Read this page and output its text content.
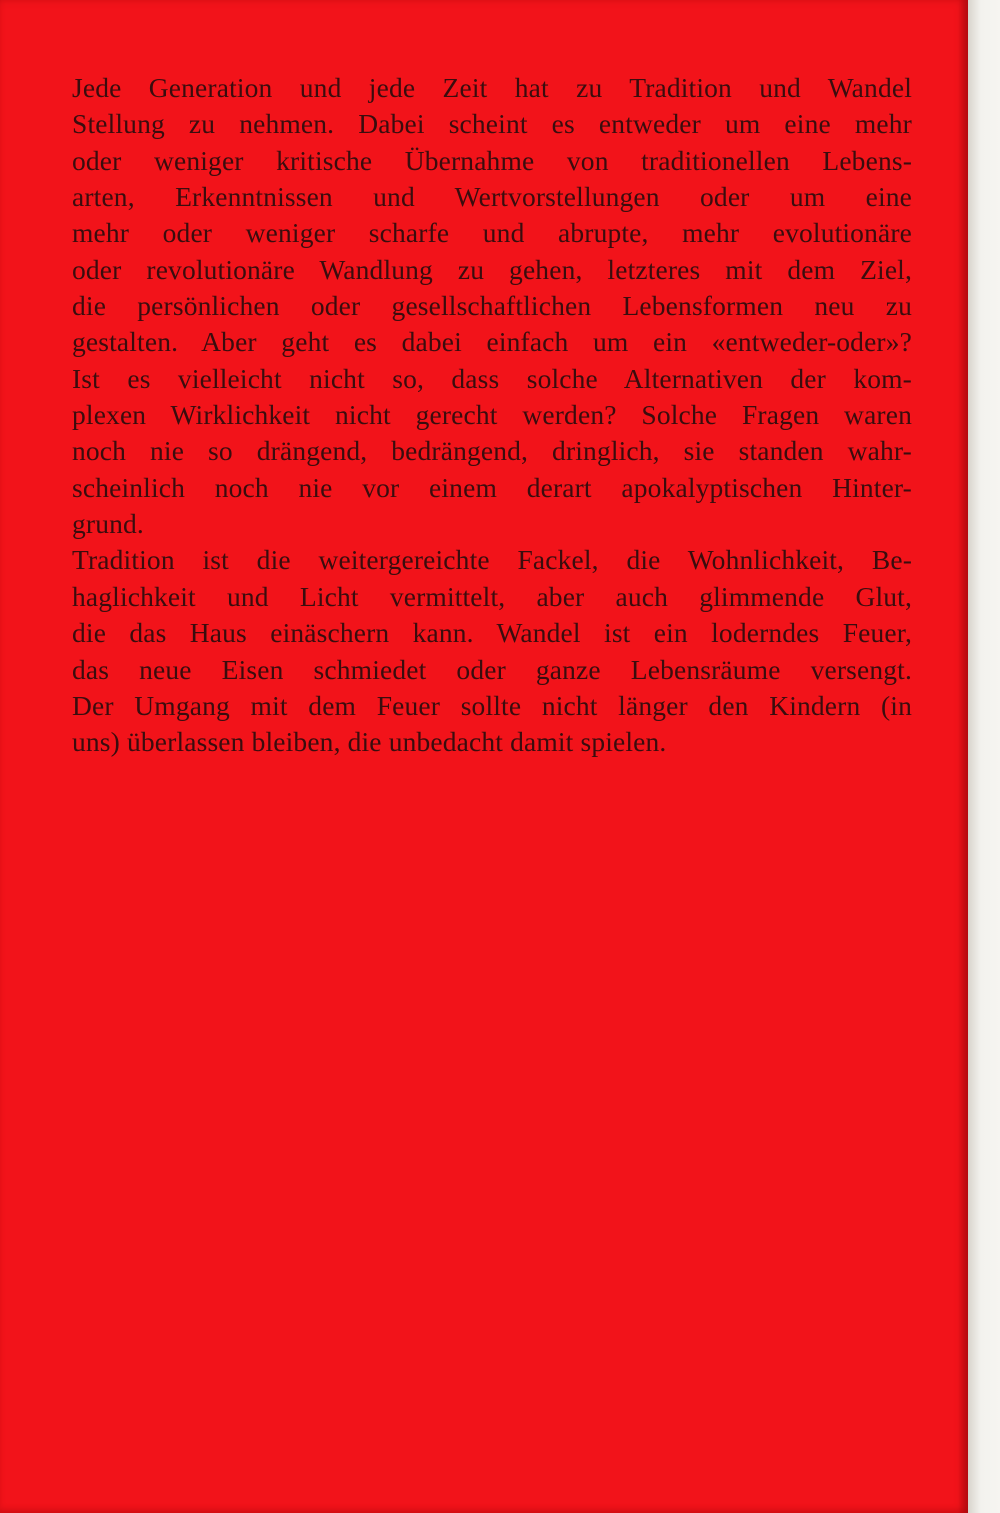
Jede Generation und jede Zeit hat zu Tradition und Wandel
Stellung zu nehmen. Dabei scheint es entweder um eine mehr
oder weniger kritische Übernahme von traditionellen Lebens-
arten, Erkenntnissen und Wertvorstellungen oder um eine
mehr oder weniger scharfe und abrupte, mehr evolutionäre
oder revolutionäre Wandlung zu gehen, letzteres mit dem Ziel,
die persönlichen oder gesellschaftlichen Lebensformen neu zu
gestalten. Aber geht es dabei einfach um ein «entweder-oder»?
Ist es vielleicht nicht so, dass solche Alternativen der kom-
plexen Wirklichkeit nicht gerecht werden? Solche Fragen waren
noch nie so drängend, bedrängend, dringlich, sie standen wahr-
scheinlich noch nie vor einem derart apokalyptischen Hinter-
grund.

Tradition ist die weitergereichte Fackel, die Wohnlichkeit, Be-
haglichkeit und Licht vermittelt, aber auch glimmende Glut,
die das Haus einäschern kann. Wandel ist ein loderndes Feuer,
das neue Eisen schmiedet oder ganze Lebensräume versengt.
Der Umgang mit dem Feuer sollte nicht länger den Kindern (in
uns) überlassen bleiben, die unbedacht damit spielen.
